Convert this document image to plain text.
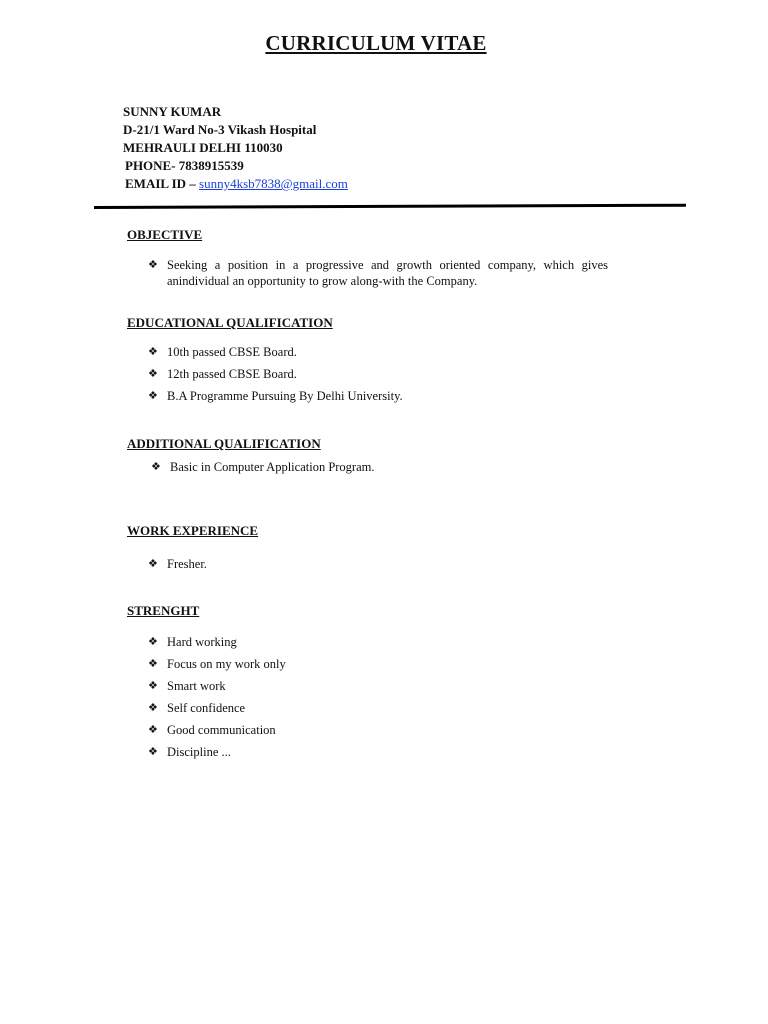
CURRICULUM VITAE
SUNNY KUMAR
D-21/1 Ward No-3 Vikash Hospital
MEHRAULI DELHI 110030
PHONE- 7838915539
EMAIL ID – sunny4ksb7838@gmail.com
OBJECTIVE
❖ Seeking a position in a progressive and growth oriented company, which gives anindividual an opportunity to grow along-with the Company.
EDUCATIONAL QUALIFICATION
❖ 10th passed CBSE Board.
❖ 12th passed CBSE Board.
❖ B.A Programme Pursuing By Delhi University.
ADDITIONAL QUALIFICATION
❖ Basic in Computer Application Program.
WORK EXPERIENCE
❖ Fresher.
STRENGHT
❖ Hard working
❖ Focus on my work only
❖ Smart work
❖ Self confidence
❖ Good communication
❖ Discipline ...
